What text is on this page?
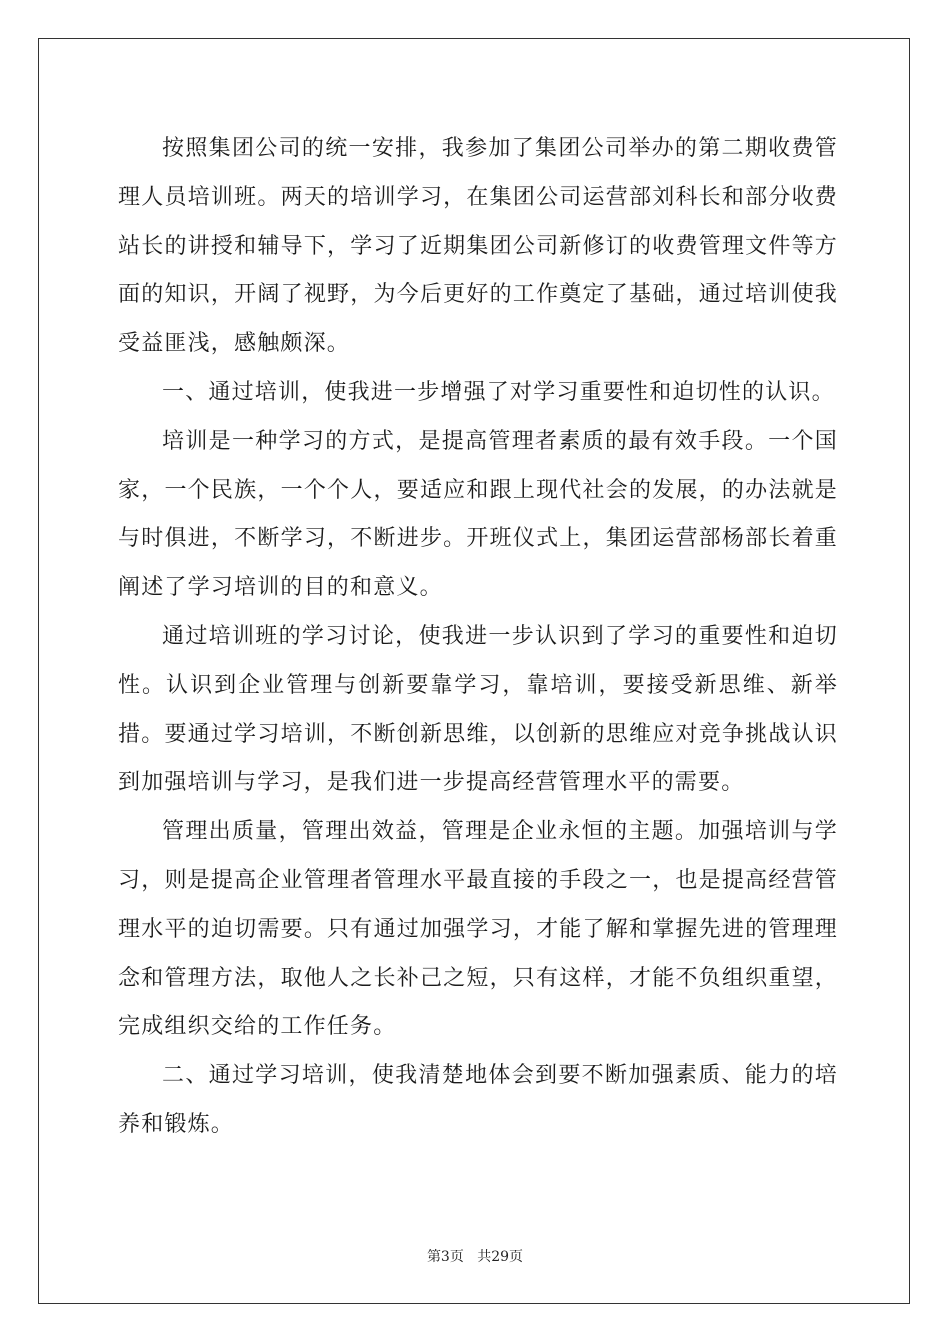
按照集团公司的统一安排，我参加了集团公司举办的第二期收费管理人员培训班。两天的培训学习，在集团公司运营部刘科长和部分收费站长的讲授和辅导下，学习了近期集团公司新修订的收费管理文件等方面的知识，开阔了视野，为今后更好的工作奠定了基础，通过培训使我受益匪浅，感触颇深。

一、通过培训，使我进一步增强了对学习重要性和迫切性的认识。

培训是一种学习的方式，是提高管理者素质的最有效手段。一个国家，一个民族，一个个人，要适应和跟上现代社会的发展，的办法就是与时俱进，不断学习，不断进步。开班仪式上，集团运营部杨部长着重阐述了学习培训的目的和意义。

通过培训班的学习讨论，使我进一步认识到了学习的重要性和迫切性。认识到企业管理与创新要靠学习，靠培训，要接受新思维、新举措。要通过学习培训，不断创新思维，以创新的思维应对竞争挑战认识到加强培训与学习，是我们进一步提高经营管理水平的需要。

管理出质量，管理出效益，管理是企业永恒的主题。加强培训与学习，则是提高企业管理者管理水平最直接的手段之一，也是提高经营管理水平的迫切需要。只有通过加强学习，才能了解和掌握先进的管理理念和管理方法，取他人之长补己之短，只有这样，才能不负组织重望，完成组织交给的工作任务。

二、通过学习培训，使我清楚地体会到要不断加强素质、能力的培养和锻炼。

第3页 共29页
